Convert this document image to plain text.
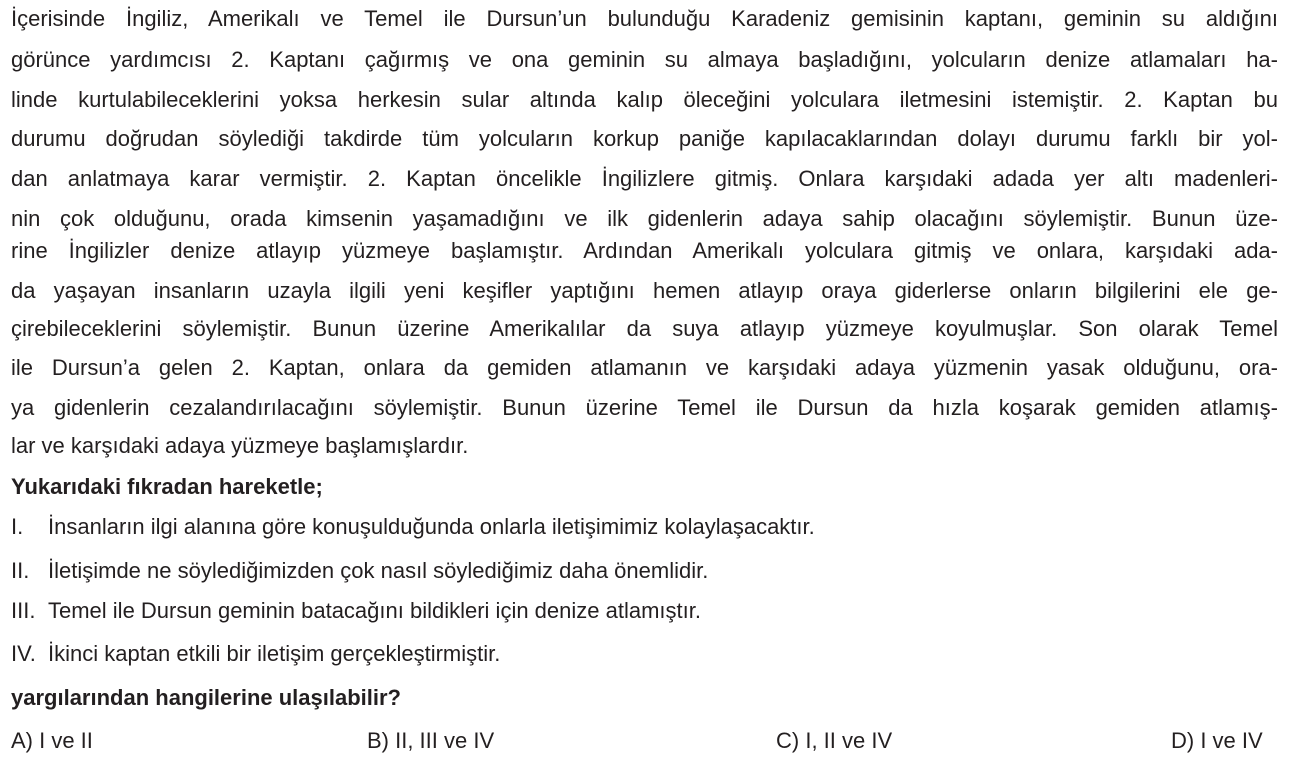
İçerisinde İngiliz, Amerikalı ve Temel ile Dursun’un bulunduğu Karadeniz gemisinin kaptanı, geminin su aldığını
görünce yardımcısı 2. Kaptanı çağırmış ve ona geminin su almaya başladığını, yolcuların denize atlamaları ha-
linde kurtulabileceklerini yoksa herkesin sular altında kalıp öleceğini yolculara iletmesini istemiştir. 2. Kaptan bu
durumu doğrudan söylediği takdirde tüm yolcuların korkup paniğe kapılacaklarından dolayı durumu farklı bir yol-
dan anlatmaya karar vermiştir. 2. Kaptan öncelikle İngilizlere gitmiş. Onlara karşıdaki adada yer altı madenleri-
nin çok olduğunu, orada kimsenin yaşamadığını ve ilk gidenlerin adaya sahip olacağını söylemiştir. Bunun üze-
rine İngilizler denize atlayıp yüzmeye başlamıştır. Ardından Amerikalı yolculara gitmiş ve onlara, karşıdaki ada-
da yaşayan insanların uzayla ilgili yeni keşifler yaptığını hemen atlayıp oraya giderlerse onların bilgilerini ele ge-
çirebileceklerini söylemiştir. Bunun üzerine Amerikalılar da suya atlayıp yüzmeye koyulmuşlar. Son olarak Temel
ile Dursun’a gelen 2. Kaptan, onlara da gemiden atlamanın ve karşıdaki adaya yüzmenin yasak olduğunu, ora-
ya gidenlerin cezalandırılacağını söylemiştir. Bunun üzerine Temel ile Dursun da hızla koşarak gemiden atlamış-
lar ve karşıdaki adaya yüzmeye başlamışlardır.
Yukarıdaki fıkradan hareketle;
I. İnsanların ilgi alanına göre konuşulduğunda onlarla iletişimimiz kolaylaşacaktır.
II. İletişimde ne söylediğimizden çok nasıl söylediğimiz daha önemlidir.
III. Temel ile Dursun geminin batacağını bildikleri için denize atlamıştır.
IV. İkinci kaptan etkili bir iletişim gerçekleştirmiştir.
yargılarından hangilerine ulaşılabilir?
A) I ve II	B) II, III ve IV	C) I, II ve IV	D) I ve IV
